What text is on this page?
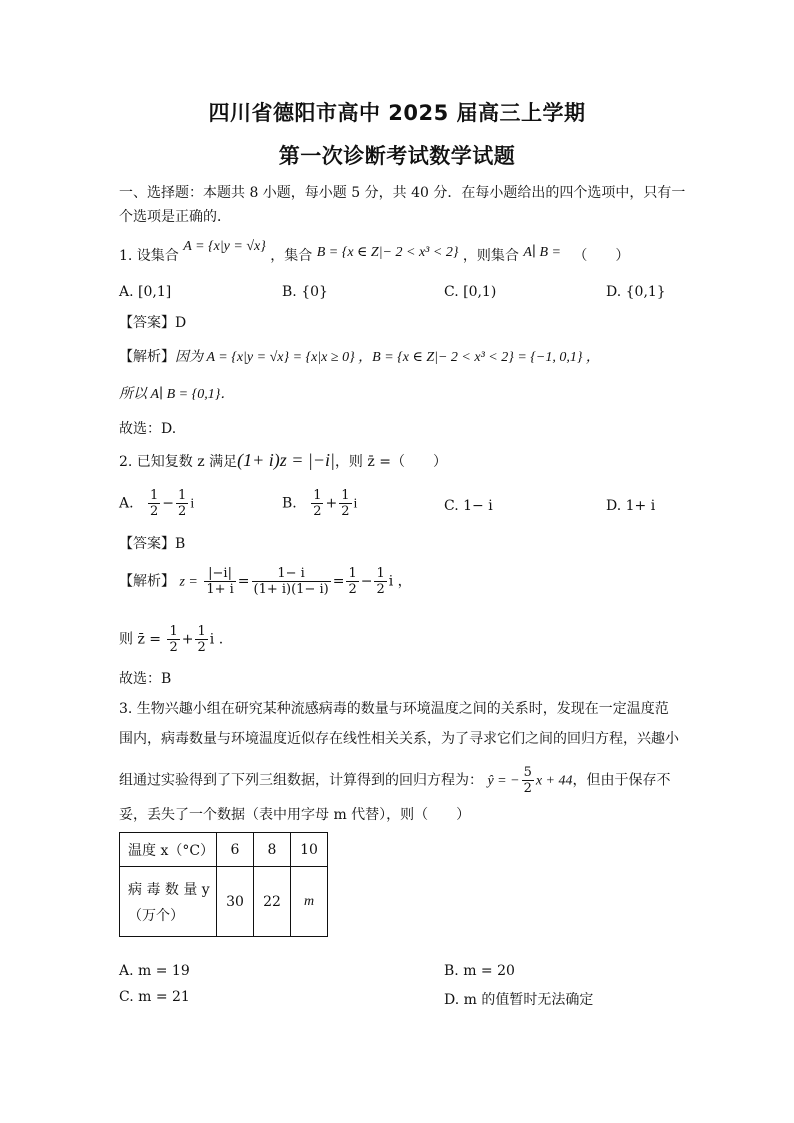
四川省德阳市高中 2025 届高三上学期
第一次诊断考试数学试题
一、选择题：本题共 8 小题，每小题 5 分，共 40 分．在每小题给出的四个选项中，只有一
个选项是正确的．
1. 设集合 A = {x|y = √x} ，集合 B = {x ∈ Z|− 2 < x³ < 2} ，则集合 A∣ B = （　　）
A. [0,1]	B. {0}	C. [0,1)	D. {0,1}
【答案】D
【解析】因为 A = {x|y = √x} = {x|x ≥ 0} ，B = {x ∈ Z|− 2 < x³ < 2} = {−1, 0,1} ，
所以 A∣ B = {0,1}．
故选：D.
2. 已知复数 z 满足(1+ i)z = |−i|，则 z̄ =（　　）
A. $\frac{1}{2} - \frac{1}{2}$ i	B. $\frac{1}{2} + \frac{1}{2}$ i	C. 1− i	D. 1+ i
【答案】B
【解析】 $z = \frac{|-i|}{1+ i} = \frac{1- i}{(1+ i)(1- i)} = \frac{1}{2} - \frac{1}{2}$ i ，
则 z̄ = $\frac{1}{2} + \frac{1}{2}$ i .
故选：B
3. 生物兴趣小组在研究某种流感病毒的数量与环境温度之间的关系时，发现在一定温度范
围内，病毒数量与环境温度近似存在线性相关关系，为了寻求它们之间的回归方程，兴趣小
组通过实验得到了下列三组数据，计算得到的回归方程为： ŷ = − $\frac{5}{2}$ x + 44，但由于保存不
妥，丢失了一个数据（表中用字母 m 代替），则（　　）
温度 x（°C）	6	8	10

病 毒 数 量 y
（万个）	30	22	m
A. m = 19	B. m = 20
C. m = 21	D. m 的值暂时无法确定
